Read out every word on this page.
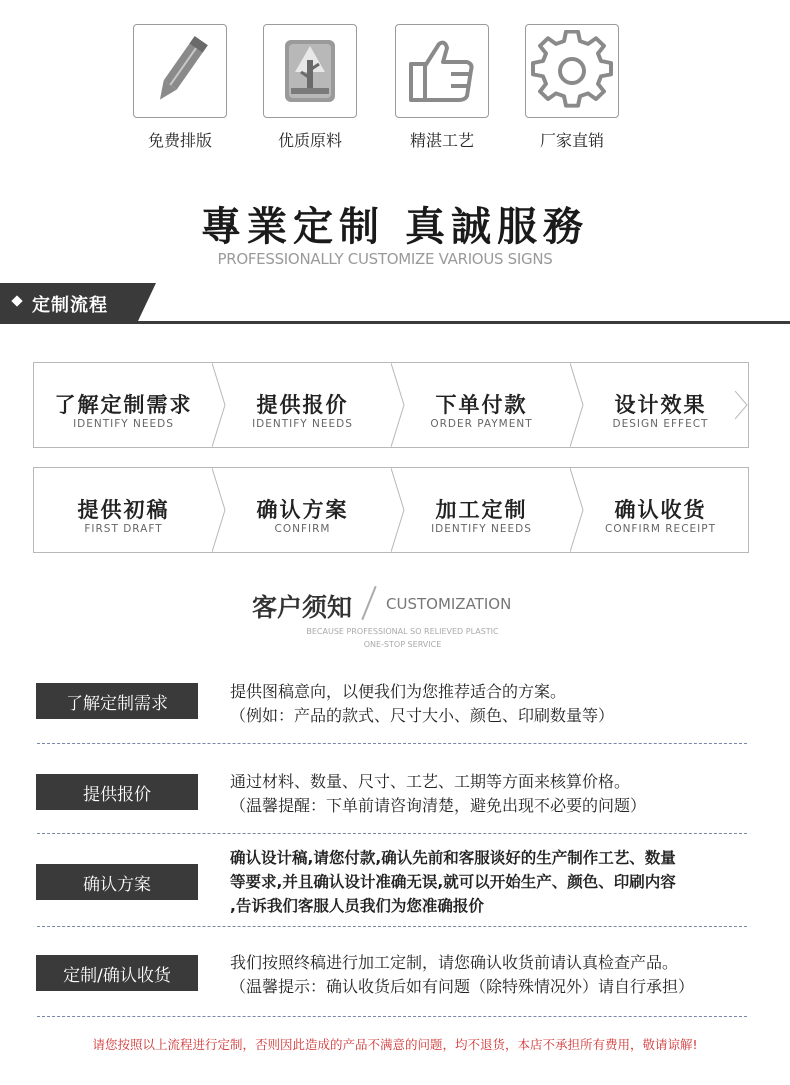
免费排版	优质原料	精湛工艺	厂家直销
專業定制 真誠服務
PROFESSIONALLY CUSTOMIZE VARIOUS SIGNS
定制流程
了解定制需求
IDENTIFY NEEDS
提供报价
IDENTIFY NEEDS
下单付款
ORDER PAYMENT
设计效果
DESIGN EFFECT
提供初稿
FIRST DRAFT
确认方案
CONFIRM
加工定制
IDENTIFY NEEDS
确认收货
CONFIRM RECEIPT
客户须知 CUSTOMIZATION
BECAUSE PROFESSIONAL SO RELIEVED PLASTIC
ONE-STOP SERVICE
了解定制需求
提供图稿意向，以便我们为您推荐适合的方案。
（例如：产品的款式、尺寸大小、颜色、印刷数量等）
提供报价
通过材料、数量、尺寸、工艺、工期等方面来核算价格。
（温馨提醒：下单前请咨询清楚，避免出现不必要的问题）
确认方案
确认设计稿,请您付款,确认先前和客服谈好的生产制作工艺、数量
等要求,并且确认设计准确无误,就可以开始生产、颜色、印刷内容
,告诉我们客服人员我们为您准确报价
定制/确认收货
我们按照终稿进行加工定制，请您确认收货前请认真检查产品。
（温馨提示：确认收货后如有问题（除特殊情况外）请自行承担）
请您按照以上流程进行定制，否则因此造成的产品不满意的问题，均不退货，本店不承担所有费用，敬请谅解!
